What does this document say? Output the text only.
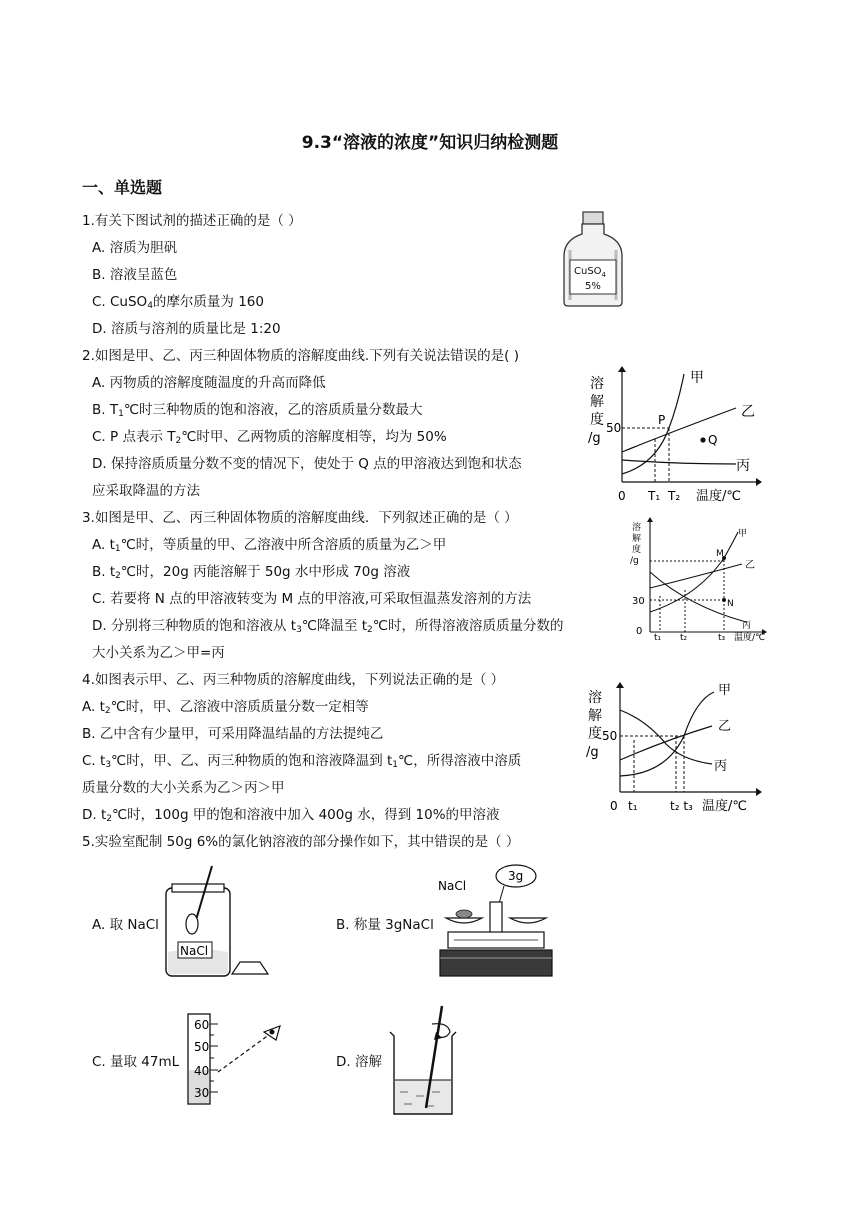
9.3“溶液的浓度”知识归纳检测题
一、单选题
1.有关下图试剂的描述正确的是（ ）
A. 溶质为胆矾
B. 溶液呈蓝色
C. CuSO$_4$的摩尔质量为 160
D. 溶质与溶剂的质量比是 1:20
CuSO$_4$
5%
2.如图是甲、乙、丙三种固体物质的溶解度曲线.下列有关说法错误的是( )
A. 丙物质的溶解度随温度的升高而降低
B. $T_1℃$时三种物质的饱和溶液，乙的溶质质量分数最大
C. P 点表示 $T_2℃$时甲、乙两物质的溶解度相等，均为 50%
D. 保持溶质质量分数不变的情况下，使处于 Q 点的甲溶液达到饱和状态
应采取降温的方法
溶
解
度
/g
50
0 T₁ T₂ 温度/℃
甲
乙
丙
P
Q
3.如图是甲、乙、丙三种固体物质的溶解度曲线．下列叙述正确的是（ ）
A. $t_1℃$时，等质量的甲、乙溶液中所含溶质的质量为乙＞甲
B. $t_2℃$时，20g 丙能溶解于 50g 水中形成 70g 溶液
C. 若要将 N 点的甲溶液转变为 M 点的甲溶液,可采取恒温蒸发溶剂的方法
D. 分别将三种物质的饱和溶液从 $t_3℃$降温至 $t_2℃$时，所得溶液溶质质量分数的
大小关系为乙＞甲=丙
溶
解
度
/g
30
0
t₁ t₂	t₃ 温度/℃
甲
乙
丙
M
N
4.如图表示甲、乙、丙三种物质的溶解度曲线，下列说法正确的是（ ）
A. $t_2℃$时，甲、乙溶液中溶质质量分数一定相等
B. 乙中含有少量甲，可采用降温结晶的方法提纯乙
C. $t_3℃$时，甲、乙、丙三种物质的饱和溶液降温到 $t_1℃$，所得溶液中溶质
质量分数的大小关系为乙＞丙＞甲
D. $t_2℃$时，100g 甲的饱和溶液中加入 400g 水，得到 10%的甲溶液
溶
解
度
/g
50
0 t₁	t₂ t₃ 温度/℃
甲
乙
丙
5.实验室配制 50g 6%的氯化钠溶液的部分操作如下，其中错误的是（ ）
A. 取 NaCl
NaCl
B. 称量 3gNaCl
NaCl
3g
C. 量取 47mL
60
50
40
30
D. 溶解
